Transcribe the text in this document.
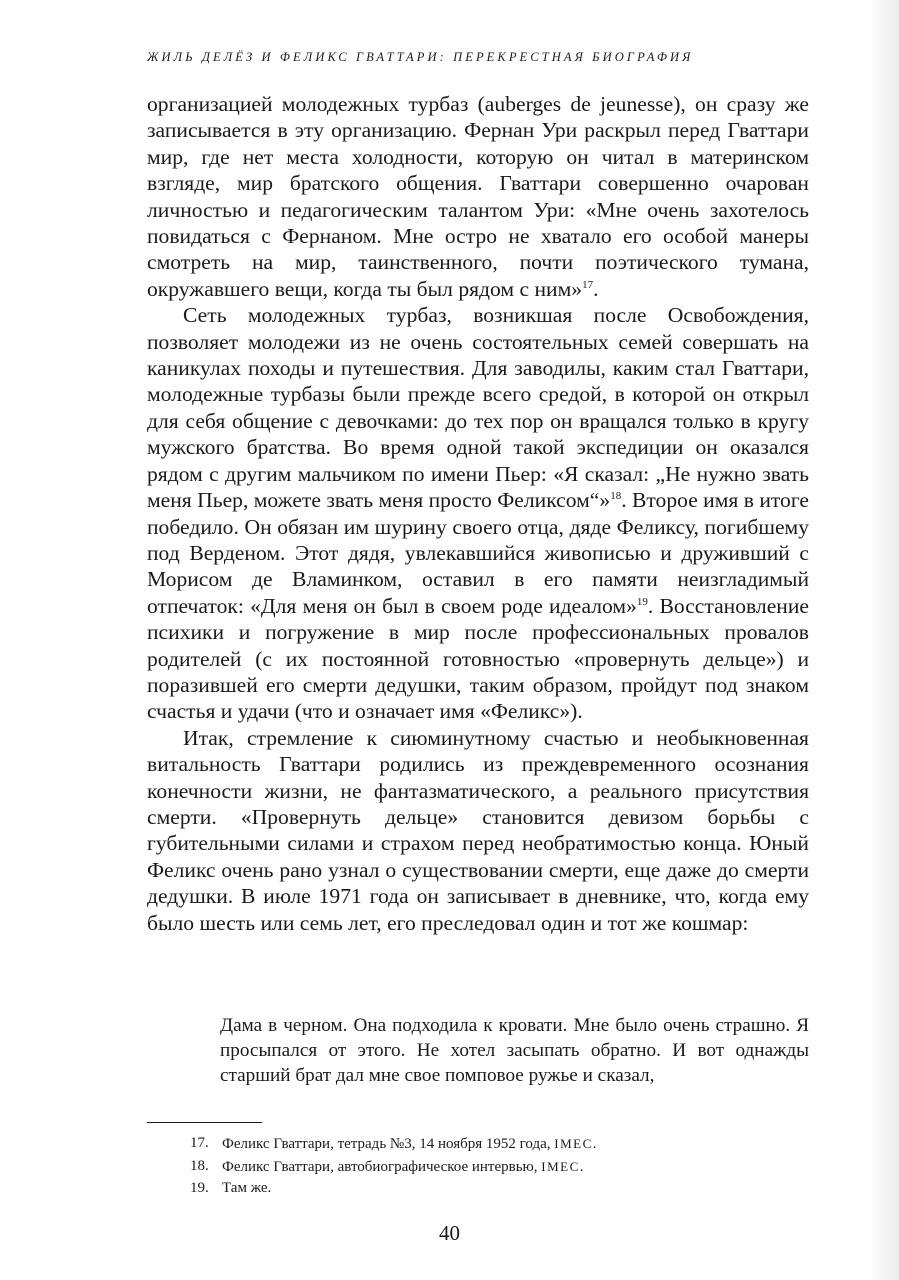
ЖИЛЬ ДЕЛЁЗ И ФЕЛИКС ГВАТТАРИ: ПЕРЕКРЕСТНАЯ БИОГРАФИЯ

организацией молодежных турбаз (auberges de jeunesse), он сразу же записывается в эту организацию. Фернан Ури раскрыл перед Гваттари мир, где нет места холодности, которую он читал в материнском взгляде, мир братского общения. Гваттари совершенно очарован личностью и педагогическим талантом Ури: «Мне очень захотелось повидаться с Фернаном. Мне остро не хватало его особой манеры смотреть на мир, таинственного, почти поэтического тумана, окружавшего вещи, когда ты был рядом с ним»$^{17}$.

Сеть молодежных турбаз, возникшая после Освобождения, позволяет молодежи из не очень состоятельных семей совершать на каникулах походы и путешествия. Для заводилы, каким стал Гваттари, молодежные турбазы были прежде всего средой, в которой он открыл для себя общение с девочками: до тех пор он вращался только в кругу мужского братства. Во время одной такой экспедиции он оказался рядом с другим мальчиком по имени Пьер: «Я сказал: „Не нужно звать меня Пьер, можете звать меня просто Феликсом“»$^{18}$. Второе имя в итоге победило. Он обязан им шурину своего отца, дяде Феликсу, погибшему под Верденом. Этот дядя, увлекавшийся живописью и друживший с Морисом де Вламинком, оставил в его памяти неизгладимый отпечаток: «Для меня он был в своем роде идеалом»$^{19}$. Восстановление психики и погружение в мир после профессиональных провалов родителей (с их постоянной готовностью «провернуть дельце») и поразившей его смерти дедушки, таким образом, пройдут под знаком счастья и удачи (что и означает имя «Феликс»).

Итак, стремление к сиюминутному счастью и необыкновенная витальность Гваттари родились из преждевременного осознания конечности жизни, не фантазматического, а реального присутствия смерти. «Провернуть дельце» становится девизом борьбы с губительными силами и страхом перед необратимостью конца. Юный Феликс очень рано узнал о существовании смерти, еще даже до смерти дедушки. В июле 1971 года он записывает в дневнике, что, когда ему было шесть или семь лет, его преследовал один и тот же кошмар:

Дама в черном. Она подходила к кровати. Мне было очень страшно. Я просыпался от этого. Не хотел засыпать обратно. И вот однажды старший брат дал мне свое помповое ружье и сказал,
17. Феликс Гваттари, тетрадь №3, 14 ноября 1952 года, IMEC.
18. Феликс Гваттари, автобиографическое интервью, IMEC.
19. Там же.
40
